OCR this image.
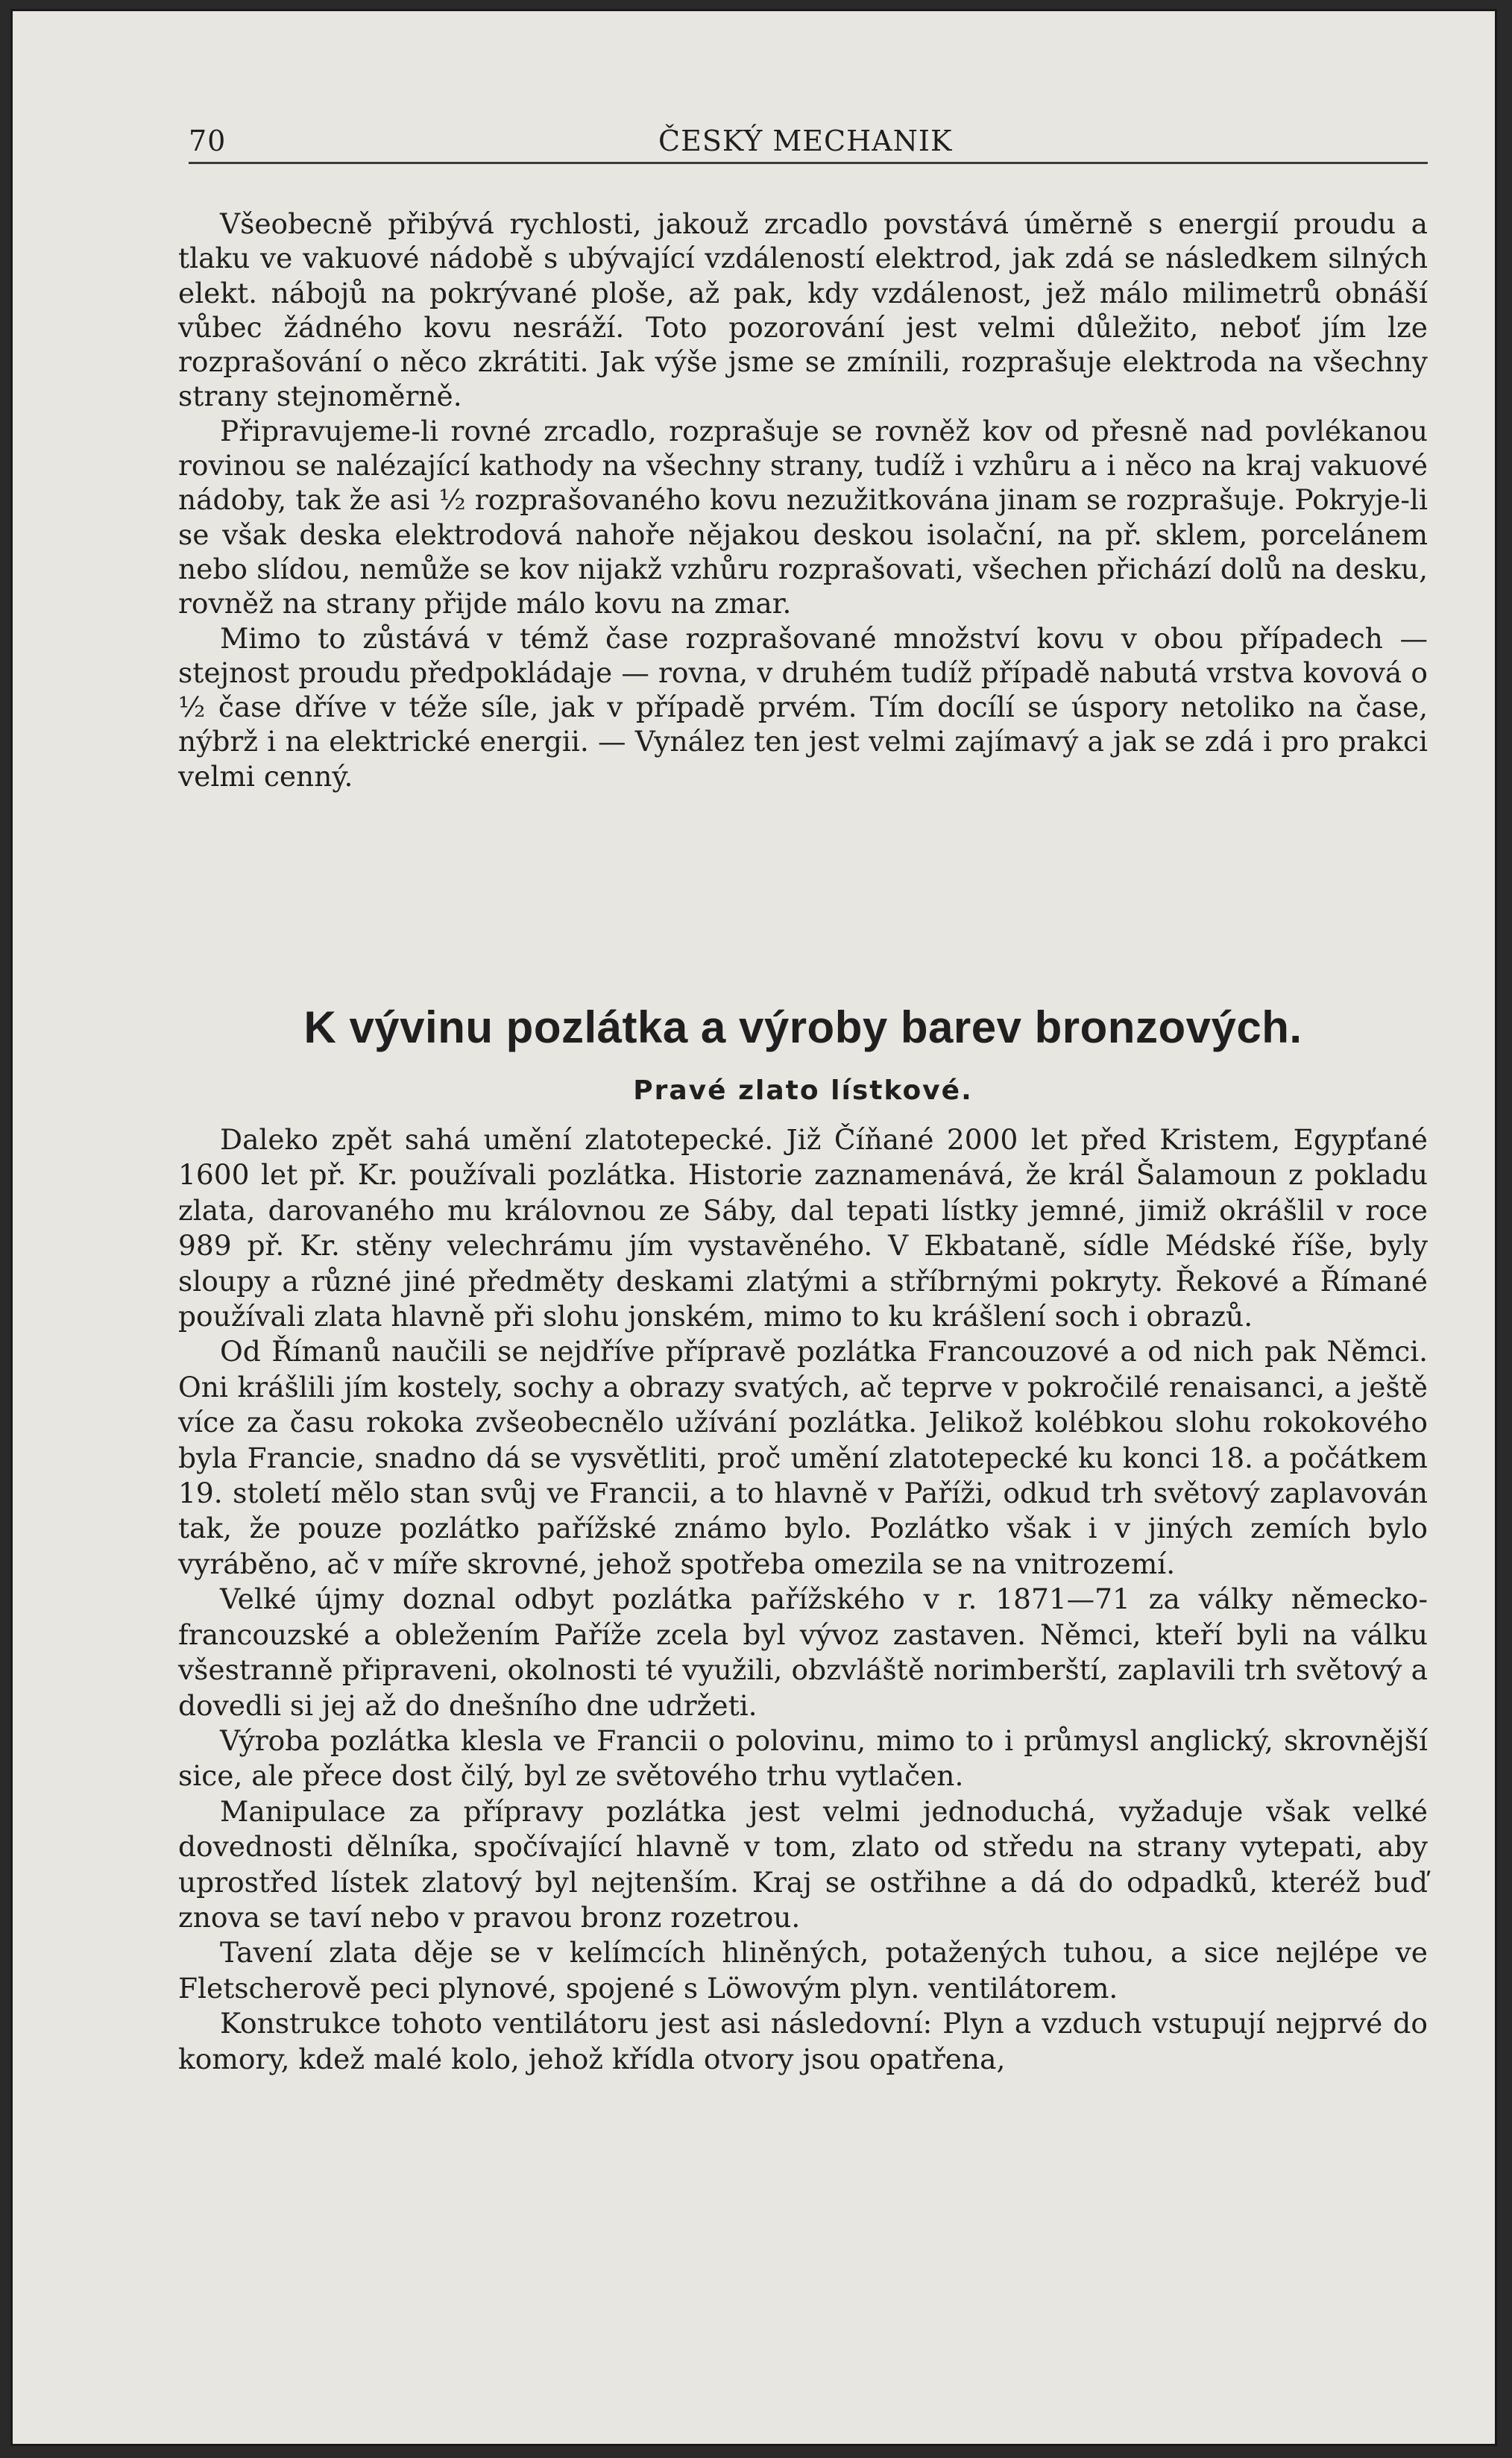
70	ČESKÝ MECHANIK

Všeobecně přibývá rychlosti, jakouž zrcadlo povstává úměrně s energií proudu a tlaku ve vakuové nádobě s ubývající vzdáleností elektrod, jak zdá se následkem silných elekt. nábojů na pokrývané ploše, až pak, kdy vzdálenost, jež málo milimetrů obnáší vůbec žádného kovu nesráží. Toto pozorování jest velmi důležito, neboť jím lze rozprašování o něco zkrátiti. Jak výše jsme se zmínili, rozprašuje elektroda na všechny strany stejnoměrně.

Připravujeme-li rovné zrcadlo, rozprašuje se rovněž kov od přesně nad povlékanou rovinou se nalézající kathody na všechny strany, tudíž i vzhůru a i něco na kraj vakuové nádoby, tak že asi ½ rozprašovaného kovu nezužitkována jinam se rozprašuje. Pokryje-li se však deska elektrodová nahoře nějakou deskou isolační, na př. sklem, porcelánem nebo slídou, nemůže se kov nijakž vzhůru rozprašovati, všechen přichází dolů na desku, rovněž na strany přijde málo kovu na zmar.

Mimo to zůstává v témž čase rozprašované množství kovu v obou případech — stejnost proudu předpokládaje — rovna, v druhém tudíž případě nabutá vrstva kovová o ½ čase dříve v téže síle, jak v případě prvém. Tím docílí se úspory netoliko na čase, nýbrž i na elektrické energii. — Vynález ten jest velmi zajímavý a jak se zdá i pro prakci velmi cenný.

K vývinu pozlátka a výroby barev bronzových.
Pravé zlato lístkové.

Daleko zpět sahá umění zlatotepecké. Již Číňané 2000 let před Kristem, Egypťané 1600 let př. Kr. používali pozlátka. Historie zaznamenává, že král Šalamoun z pokladu zlata, darovaného mu královnou ze Sáby, dal tepati lístky jemné, jimiž okrášlil v roce 989 př. Kr. stěny velechrámu jím vystavěného. V Ekbataně, sídle Médské říše, byly sloupy a různé jiné předměty deskami zlatými a stříbrnými pokryty. Řekové a Římané používali zlata hlavně při slohu jonském, mimo to ku krášlení soch i obrazů.

Od Římanů naučili se nejdříve přípravě pozlátka Francouzové a od nich pak Němci. Oni krášlili jím kostely, sochy a obrazy svatých, ač teprve v pokročilé renaisanci, a ještě více za času rokoka zvšeobecnělo užívání pozlátka. Jelikož kolébkou slohu rokokového byla Francie, snadno dá se vysvětliti, proč umění zlatotepecké ku konci 18. a počátkem 19. století mělo stan svůj ve Francii, a to hlavně v Paříži, odkud trh světový zaplavován tak, že pouze pozlátko pařížské známo bylo. Pozlátko však i v jiných zemích bylo vyráběno, ač v míře skrovné, jehož spotřeba omezila se na vnitrozemí.

Velké újmy doznal odbyt pozlátka pařížského v r. 1871—71 za války německo-francouzské a obležením Paříže zcela byl vývoz zastaven. Němci, kteří byli na válku všestranně připraveni, okolnosti té využili, obzvláště norimberští, zaplavili trh světový a dovedli si jej až do dnešního dne udržeti.

Výroba pozlátka klesla ve Francii o polovinu, mimo to i průmysl anglický, skrovnější sice, ale přece dost čilý, byl ze světového trhu vytlačen.

Manipulace za přípravy pozlátka jest velmi jednoduchá, vyžaduje však velké dovednosti dělníka, spočívající hlavně v tom, zlato od středu na strany vytepati, aby uprostřed lístek zlatový byl nejtenším. Kraj se ostřihne a dá do odpadků, kteréž buď znova se taví nebo v pravou bronz rozetrou.

Tavení zlata děje se v kelímcích hliněných, potažených tuhou, a sice nejlépe ve Fletscherově peci plynové, spojené s Löwovým plyn. ventilátorem.

Konstrukce tohoto ventilátoru jest asi následovní: Plyn a vzduch vstupují nejprvé do komory, kdež malé kolo, jehož křídla otvory jsou opatřena,
